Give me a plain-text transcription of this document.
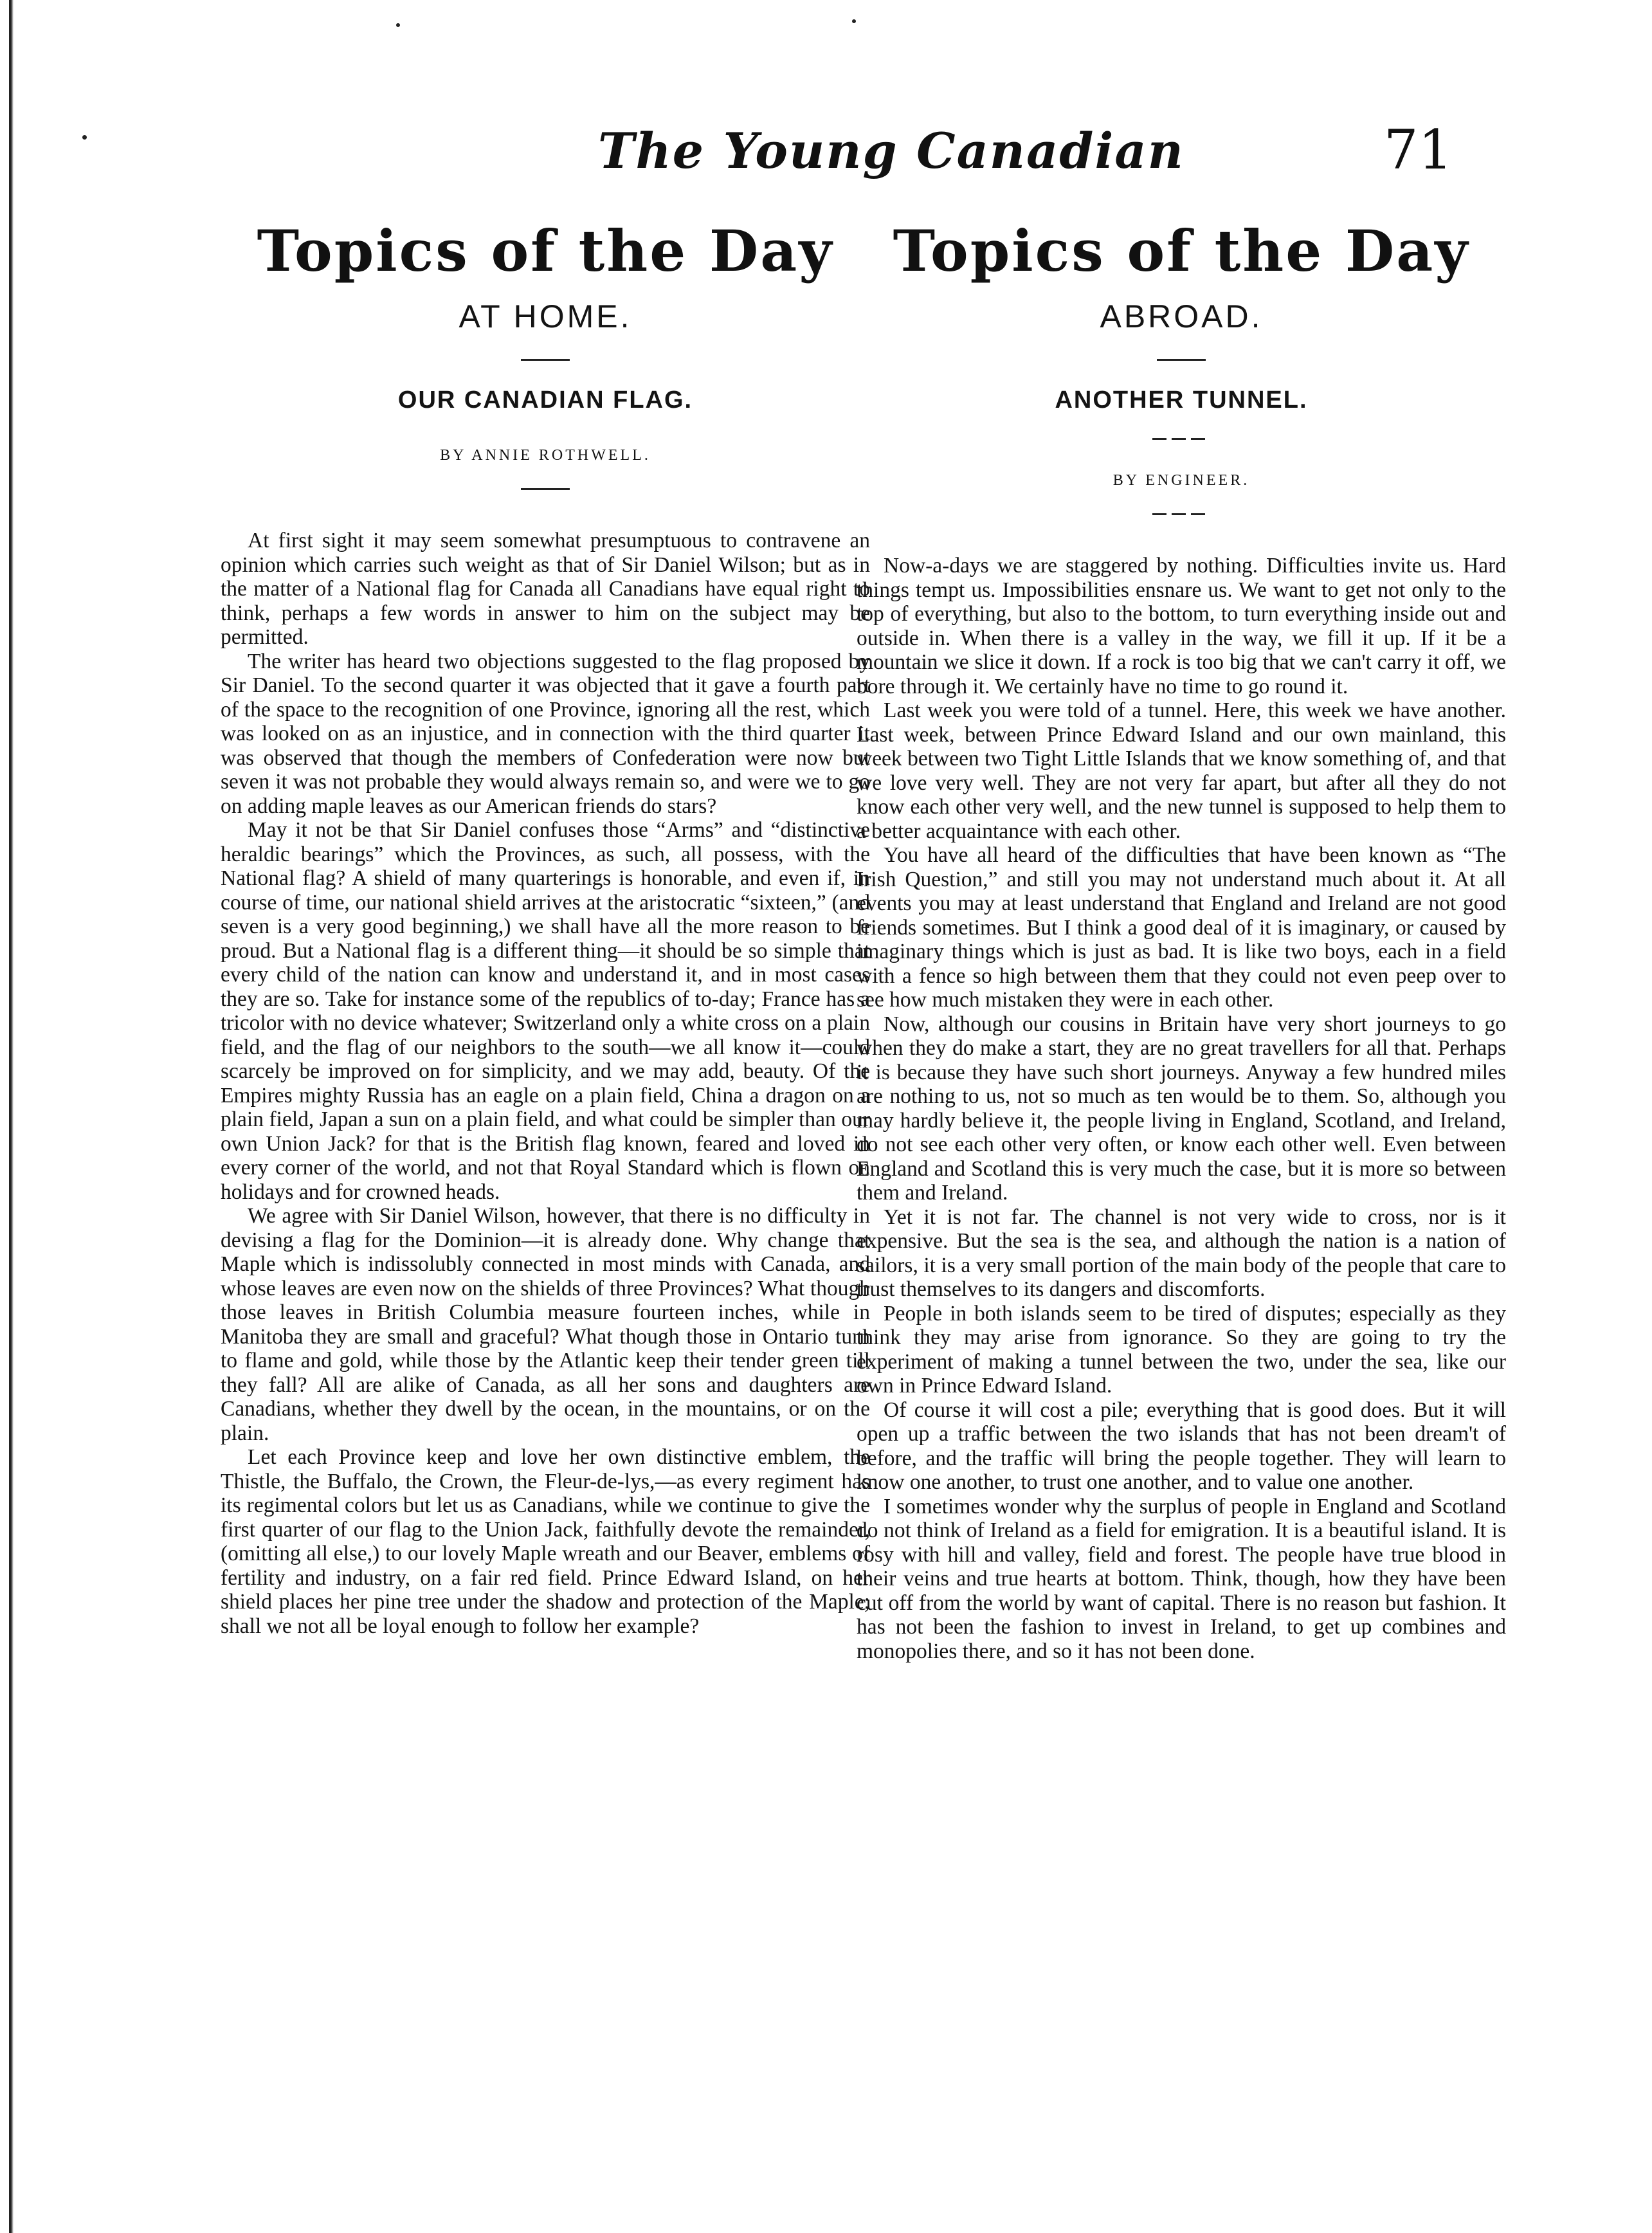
The Young Canadian	71
Topics of the Day
AT HOME.
OUR CANADIAN FLAG.
BY ANNIE ROTHWELL.

At first sight it may seem somewhat presumptuous to contravene an opinion which carries such weight as that of Sir Daniel Wilson; but as in the matter of a National flag for Canada all Canadians have equal right to think, perhaps a few words in answer to him on the subject may be permitted.

The writer has heard two objections suggested to the flag proposed by Sir Daniel. To the second quarter it was objected that it gave a fourth part of the space to the recognition of one Province, ignoring all the rest, which was looked on as an injustice, and in connection with the third quarter it was observed that though the members of Confederation were now but seven it was not probable they would always remain so, and were we to go on adding maple leaves as our American friends do stars?

May it not be that Sir Daniel confuses those “Arms” and “distinctive heraldic bearings” which the Provinces, as such, all possess, with the National flag? A shield of many quarterings is honorable, and even if, in course of time, our national shield arrives at the aristocratic “sixteen,” (and seven is a very good beginning,) we shall have all the more reason to be proud. But a National flag is a different thing—it should be so simple that every child of the nation can know and understand it, and in most cases they are so. Take for instance some of the republics of to-day; France has a tricolor with no device whatever; Switzerland only a white cross on a plain field, and the flag of our neighbors to the south—we all know it—could scarcely be improved on for simplicity, and we may add, beauty. Of the Empires mighty Russia has an eagle on a plain field, China a dragon on a plain field, Japan a sun on a plain field, and what could be simpler than our own Union Jack? for that is the British flag known, feared and loved in every corner of the world, and not that Royal Standard which is flown on holidays and for crowned heads.

We agree with Sir Daniel Wilson, however, that there is no difficulty in devising a flag for the Dominion—it is already done. Why change that Maple which is indissolubly connected in most minds with Canada, and whose leaves are even now on the shields of three Provinces? What though those leaves in British Columbia measure fourteen inches, while in Manitoba they are small and graceful? What though those in Ontario turn to flame and gold, while those by the Atlantic keep their tender green till they fall? All are alike of Canada, as all her sons and daughters are Canadians, whether they dwell by the ocean, in the mountains, or on the plain.

Let each Province keep and love her own distinctive emblem, the Thistle, the Buffalo, the Crown, the Fleur-de-lys,—as every regiment has its regimental colors but let us as Canadians, while we continue to give the first quarter of our flag to the Union Jack, faithfully devote the remainder, (omitting all else,) to our lovely Maple wreath and our Beaver, emblems of fertility and industry, on a fair red field. Prince Edward Island, on her shield places her pine tree under the shadow and protection of the Maple; shall we not all be loyal enough to follow her example?

Topics of the Day
ABROAD.
ANOTHER TUNNEL.
BY ENGINEER.

Now-a-days we are staggered by nothing. Difficulties invite us. Hard things tempt us. Impossibilities ensnare us. We want to get not only to the top of everything, but also to the bottom, to turn everything inside out and outside in. When there is a valley in the way, we fill it up. If it be a mountain we slice it down. If a rock is too big that we can't carry it off, we bore through it. We certainly have no time to go round it.

Last week you were told of a tunnel. Here, this week we have another. Last week, between Prince Edward Island and our own mainland, this week between two Tight Little Islands that we know something of, and that we love very well. They are not very far apart, but after all they do not know each other very well, and the new tunnel is supposed to help them to a better acquaintance with each other.

You have all heard of the difficulties that have been known as “The Irish Question,” and still you may not understand much about it. At all events you may at least understand that England and Ireland are not good friends sometimes. But I think a good deal of it is imaginary, or caused by imaginary things which is just as bad. It is like two boys, each in a field with a fence so high between them that they could not even peep over to see how much mistaken they were in each other.

Now, although our cousins in Britain have very short journeys to go when they do make a start, they are no great travellers for all that. Perhaps it is because they have such short journeys. Anyway a few hundred miles are nothing to us, not so much as ten would be to them. So, although you may hardly believe it, the people living in England, Scotland, and Ireland, do not see each other very often, or know each other well. Even between England and Scotland this is very much the case, but it is more so between them and Ireland.

Yet it is not far. The channel is not very wide to cross, nor is it expensive. But the sea is the sea, and although the nation is a nation of sailors, it is a very small portion of the main body of the people that care to trust themselves to its dangers and discomforts.

People in both islands seem to be tired of disputes; especially as they think they may arise from ignorance. So they are going to try the experiment of making a tunnel between the two, under the sea, like our own in Prince Edward Island.

Of course it will cost a pile; everything that is good does. But it will open up a traffic between the two islands that has not been dream't of before, and the traffic will bring the people together. They will learn to know one another, to trust one another, and to value one another.

I sometimes wonder why the surplus of people in England and Scotland do not think of Ireland as a field for emigration. It is a beautiful island. It is rosy with hill and valley, field and forest. The people have true blood in their veins and true hearts at bottom. Think, though, how they have been cut off from the world by want of capital. There is no reason but fashion. It has not been the fashion to invest in Ireland, to get up combines and monopolies there, and so it has not been done.
